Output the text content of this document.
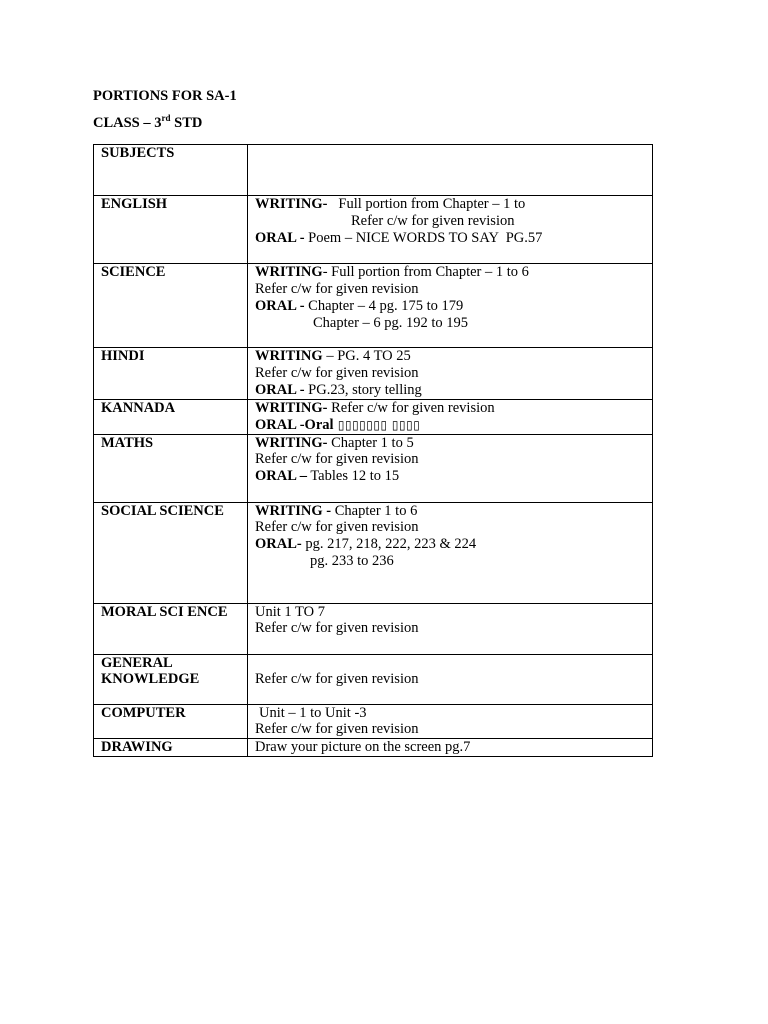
PORTIONS FOR SA-1
CLASS – 3rd STD
SUBJECTS	
ENGLISH	WRITING-   Full portion from Chapter – 1 to
Refer c/w for given revision
ORAL - Poem – NICE WORDS TO SAY  PG.57

SCIENCE	WRITING- Full portion from Chapter – 1 to 6
Refer c/w for given revision
ORAL - Chapter – 4 pg. 175 to 179
Chapter – 6 pg. 192 to 195

HINDI	WRITING – PG. 4 TO 25
Refer c/w for given revision
ORAL - PG.23, story telling

KANNADA	WRITING- Refer c/w for given revision
ORAL -Oral ▯▯▯▯▯▯▯ ▯▯▯▯

MATHS	WRITING- Chapter 1 to 5
Refer c/w for given revision
ORAL – Tables 12 to 15

SOCIAL SCIENCE	WRITING - Chapter 1 to 6
Refer c/w for given revision
ORAL- pg. 217, 218, 222, 223 & 224
pg. 233 to 236

MORAL SCI ENCE	Unit 1 TO 7
Refer c/w for given revision

GENERAL
KNOWLEDGE	Refer c/w for given revision

COMPUTER	Unit – 1 to Unit -3
Refer c/w for given revision

DRAWING	Draw your picture on the screen pg.7
